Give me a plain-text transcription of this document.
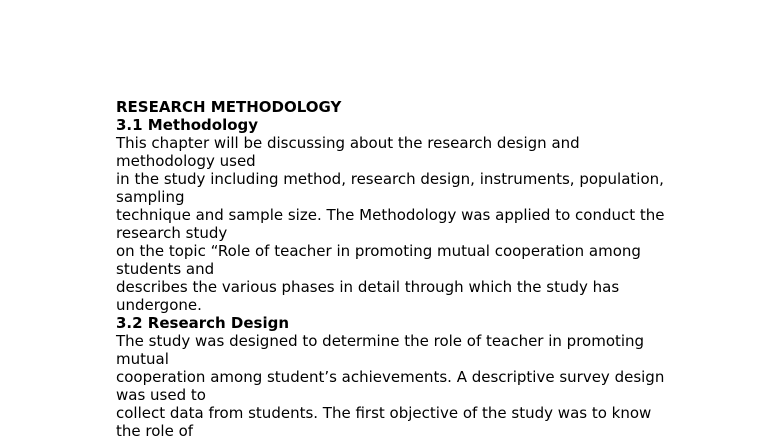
RESEARCH METHODOLOGY
3.1 Methodology
This chapter will be discussing about the research design and
methodology used
in the study including method, research design, instruments, population,
sampling
technique and sample size. The Methodology was applied to conduct the
research study
on the topic “Role of teacher in promoting mutual cooperation among
students and
describes the various phases in detail through which the study has
undergone.
3.2 Research Design
The study was designed to determine the role of teacher in promoting
mutual
cooperation among student’s achievements. A descriptive survey design
was used to
collect data from students. The first objective of the study was to know
the role of
